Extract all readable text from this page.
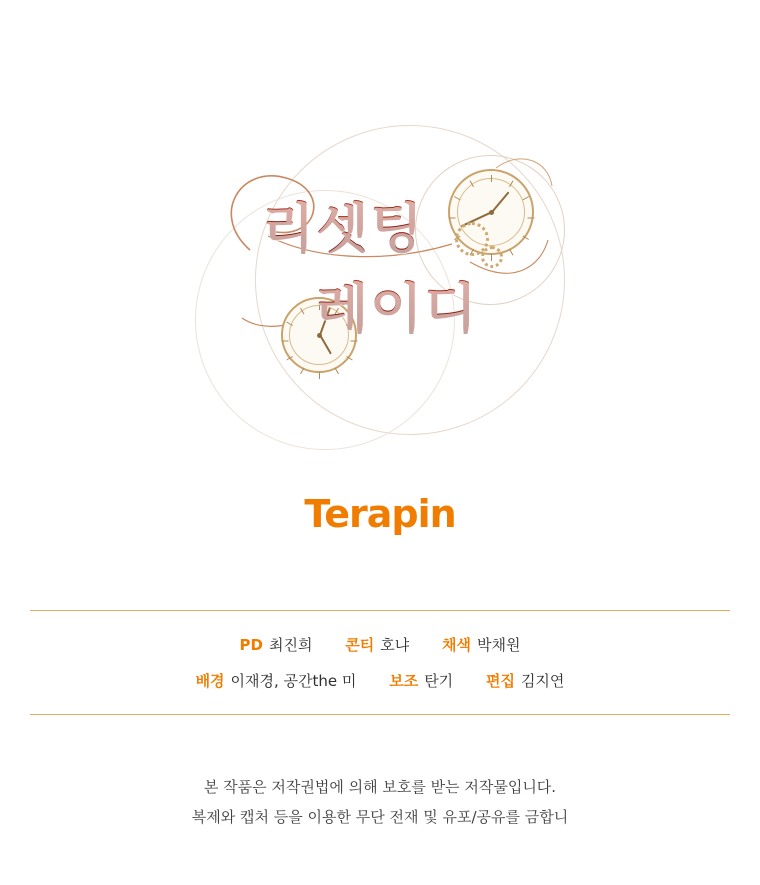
리셋팅
레이디
Terapin
PD 최진희 콘티 호냐 채색 박채원
배경 이재경, 공간the 미 보조 탄기 편집 김지연
본 작품은 저작권법에 의해 보호를 받는 저작물입니다.
복제와 캡처 등을 이용한 무단 전재 및 유포/공유를 금합니
